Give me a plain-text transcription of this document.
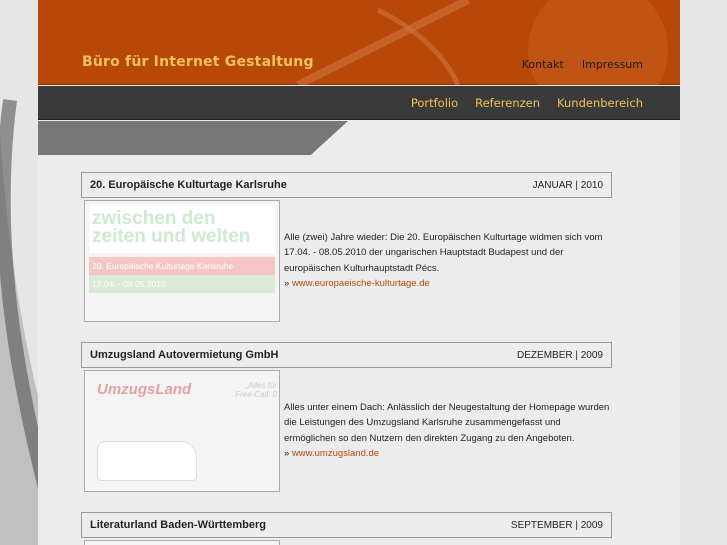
Büro für Internet Gestaltung	Kontakt Impressum
Portfolio Referenzen Kundenbereich
20. Europäische Kulturtage Karlsruhe	JANUAR | 2010
zwischen den zeiten und welten
20. Europäische Kulturtage Karlsruhe
17.04. - 08.05.2010
Alle (zwei) Jahre wieder: Die 20. Europäischen Kulturtage widmen sich vom 17.04. - 08.05.2010 der ungarischen Hauptstadt Budapest und der europäischen Kulturhauptstadt Pécs.
» www.europaeische-kulturtage.de
Umzugsland Autovermietung GmbH	DEZEMBER | 2009
UmzugsLand	„Alles für Free-Call: 0
Alles unter einem Dach: Anlässlich der Neugestaltung der Homepage wurden die Leistungen des Umzugsland Karlsruhe zusammengefasst und ermöglichen so den Nutzern den direkten Zugang zu den Angeboten.
» www.umzugsland.de
Literaturland Baden-Württemberg	SEPTEMBER | 2009
